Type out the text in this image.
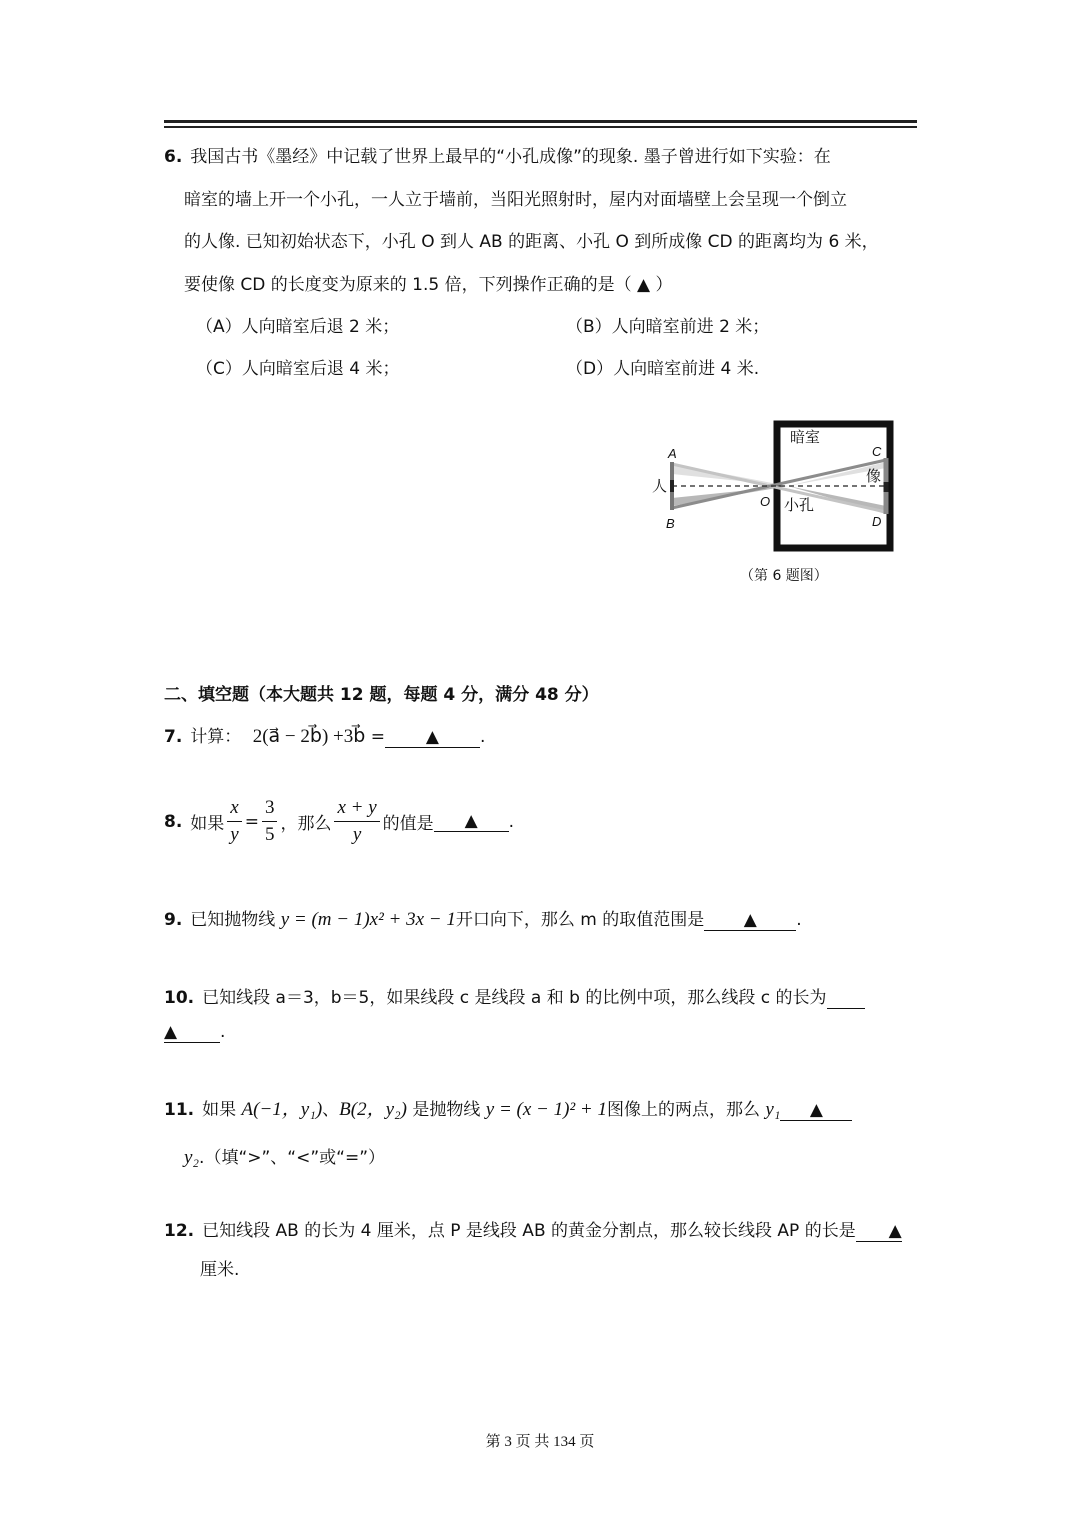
6. 我国古书《墨经》中记载了世界上最早的“小孔成像”的现象. 墨子曾进行如下实验：在
暗室的墙上开一个小孔，一人立于墙前，当阳光照射时，屋内对面墙壁上会呈现一个倒立
的人像. 已知初始状态下，小孔 O 到人 AB 的距离、小孔 O 到所成像 CD 的距离均为 6 米，
要使像 CD 的长度变为原来的 1.5 倍，下列操作正确的是（ ▲ ）
（A）人向暗室后退 2 米；	（B）人向暗室前进 2 米；
（C）人向暗室后退 4 米；	（D）人向暗室前进 4 米.
暗室
A
B
人
O 小孔
C
像
D
（第 6 题图）
二、填空题（本大题共 12 题，每题 4 分，满分 48 分）
7. 计算： 2(a⃗ − 2b⃗) +3b⃗ = ▲ .
8. 如果 $\frac{x}{y} = \frac{3}{5}$ ，那么 $\frac{x + y}{y}$ 的值是	▲	.
9. 已知抛物线 y = (m − 1)x² + 3x − 1开口向下，那么 m 的取值范围是 ▲ .
10. 已知线段 a＝3，b＝5，如果线段 c 是线段 a 和 b 的比例中项，那么线段 c 的长为
▲	.
11. 如果 A(−1，y₁)、B(2，y₂) 是抛物线 y = (x − 1)² + 1图像上的两点，那么 y₁ ▲
y₂.（填“>”、“<”或“=”）
12. 已知线段 AB 的长为 4 厘米，点 P 是线段 AB 的黄金分割点，那么较长线段 AP 的长是 ▲
厘米.
第 3 页 共 134 页
